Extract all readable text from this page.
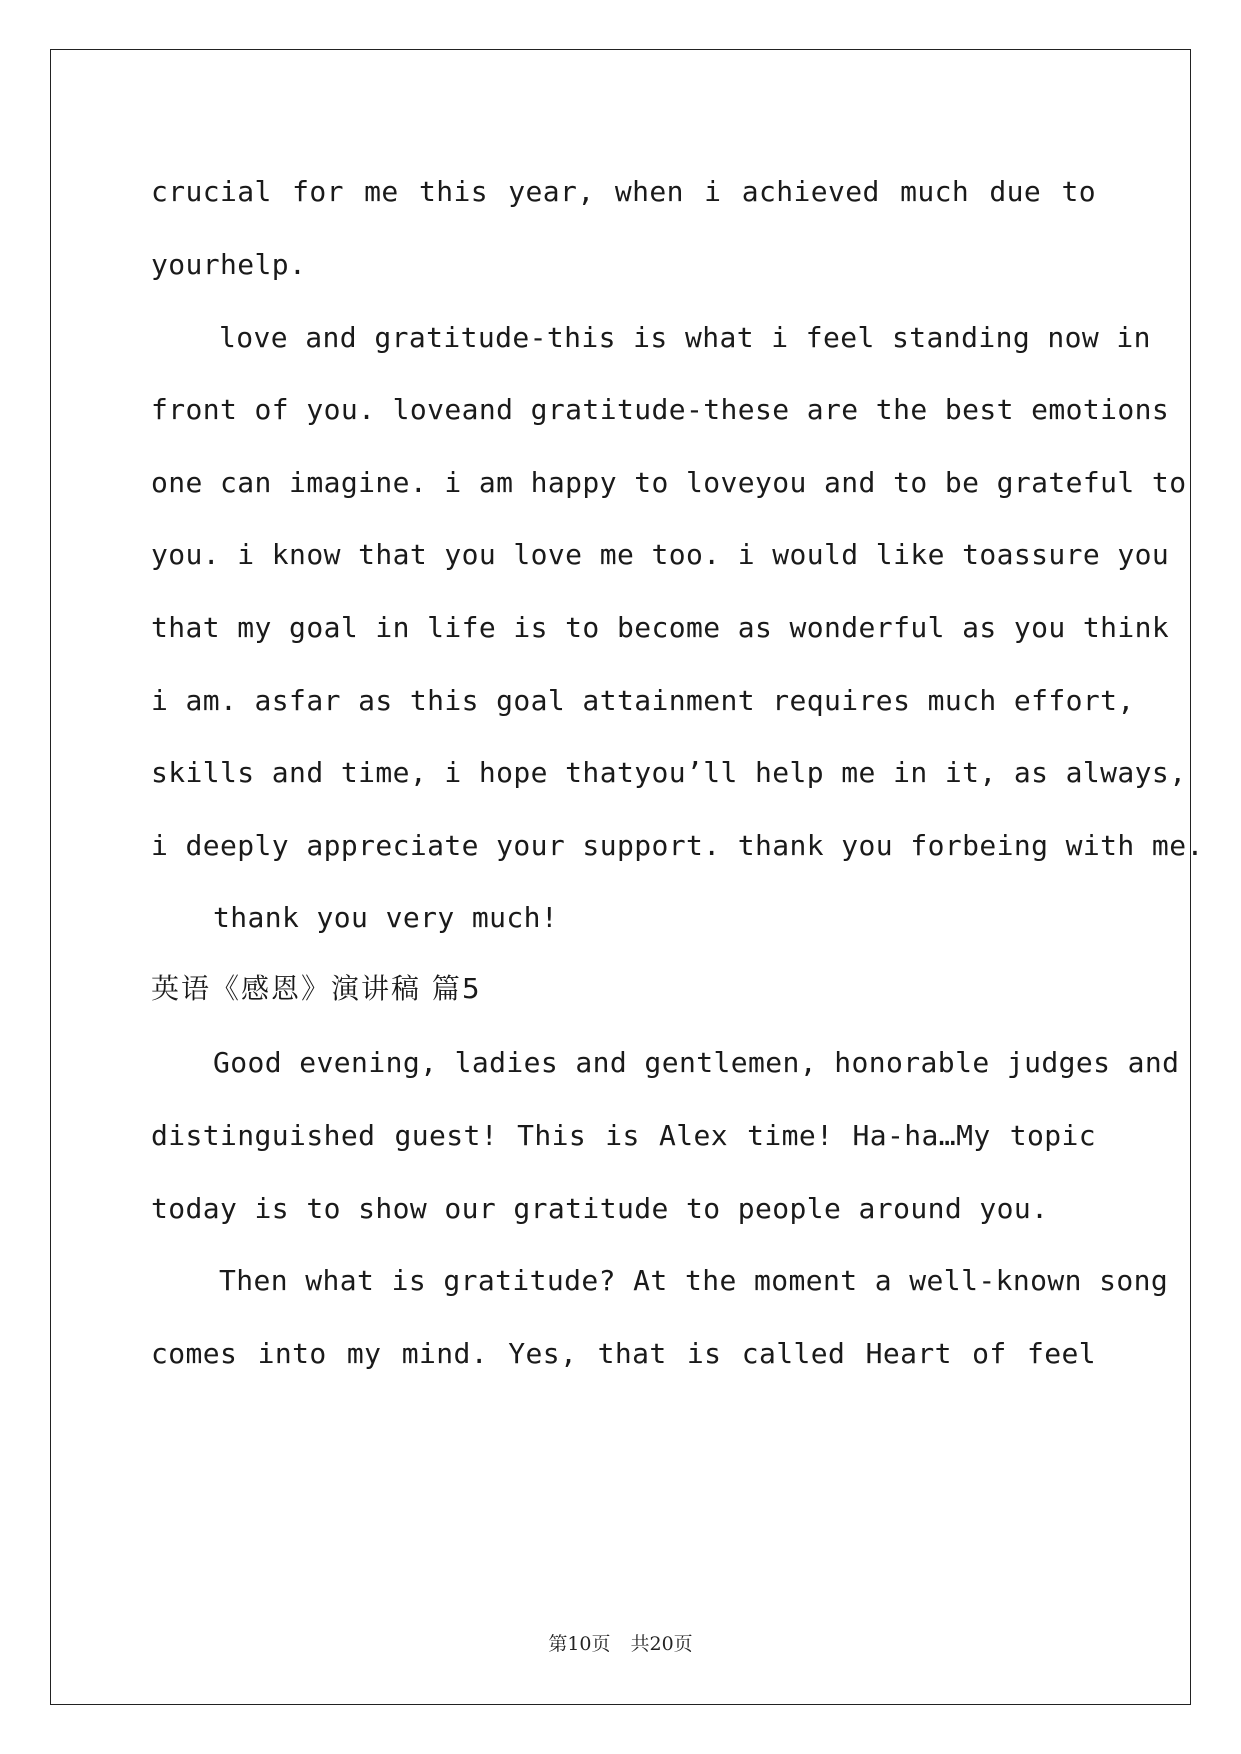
crucial for me this year, when i achieved much due to
yourhelp.
love and gratitude-this is what i feel standing now in
front of you. loveand gratitude-these are the best emotions
one can imagine. i am happy to loveyou and to be grateful to
you. i know that you love me too. i would like toassure you
that my goal in life is to become as wonderful as you think
i am. asfar as this goal attainment requires much effort,
skills and time, i hope thatyou’ll help me in it, as always,
i deeply appreciate your support. thank you forbeing with me.
thank you very much!
英语《感恩》演讲稿 篇5
Good evening, ladies and gentlemen, honorable judges and
distinguished guest! This is Alex time! Ha-ha…My topic
today is to show our gratitude to people around you.
Then what is gratitude? At the moment a well-known song
comes into my mind. Yes, that is called Heart of feel
第10页 共20页
